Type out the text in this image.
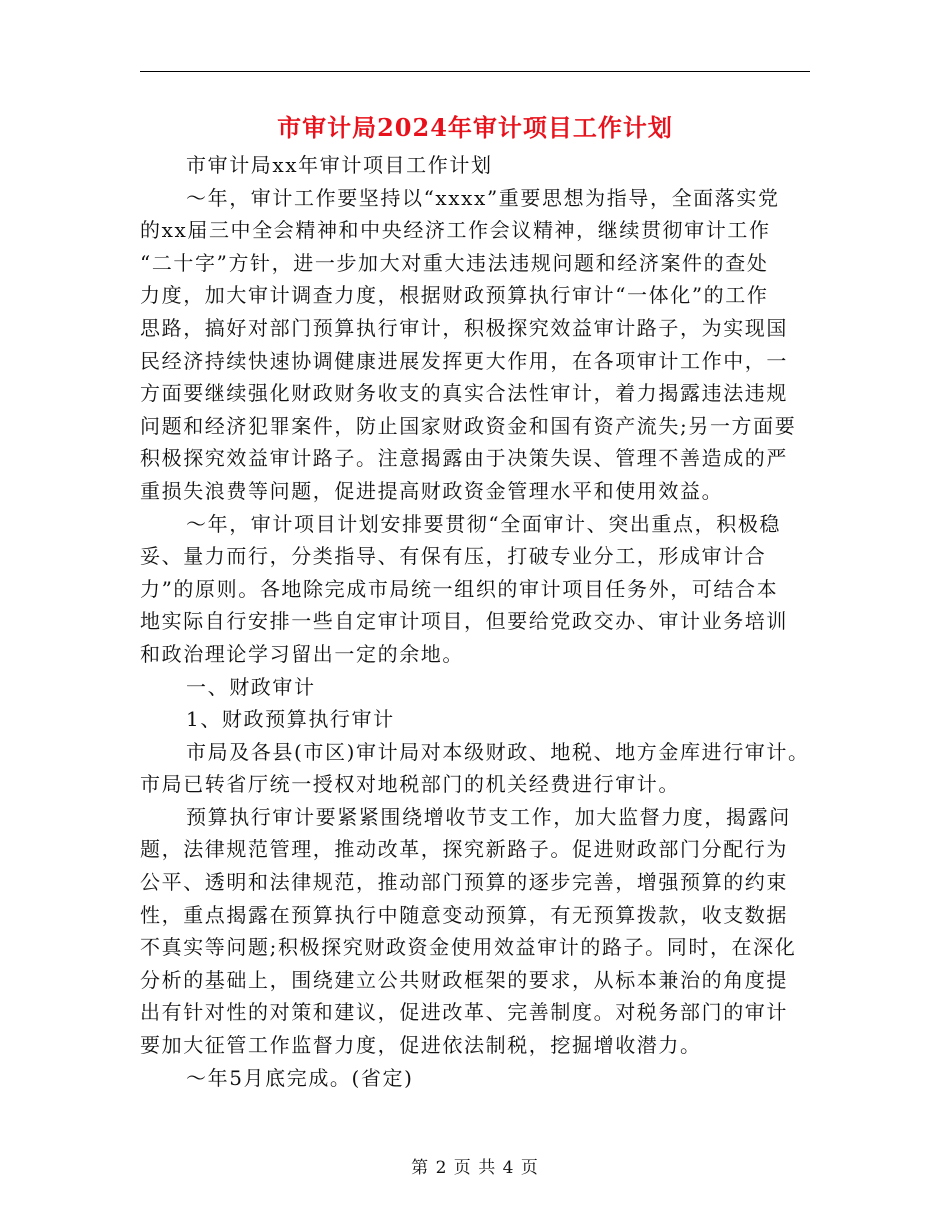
市审计局2024年审计项目工作计划
市审计局xx年审计项目工作计划
～年，审计工作要坚持以“xxxx”重要思想为指导，全面落实党
的xx届三中全会精神和中央经济工作会议精神，继续贯彻审计工作
“二十字”方针，进一步加大对重大违法违规问题和经济案件的查处
力度，加大审计调查力度，根据财政预算执行审计“一体化”的工作
思路，搞好对部门预算执行审计，积极探究效益审计路子，为实现国
民经济持续快速协调健康进展发挥更大作用，在各项审计工作中，一
方面要继续强化财政财务收支的真实合法性审计，着力揭露违法违规
问题和经济犯罪案件，防止国家财政资金和国有资产流失;另一方面要
积极探究效益审计路子。注意揭露由于决策失误、管理不善造成的严
重损失浪费等问题，促进提高财政资金管理水平和使用效益。
～年，审计项目计划安排要贯彻“全面审计、突出重点，积极稳
妥、量力而行，分类指导、有保有压，打破专业分工，形成审计合
力”的原则。各地除完成市局统一组织的审计项目任务外，可结合本
地实际自行安排一些自定审计项目，但要给党政交办、审计业务培训
和政治理论学习留出一定的余地。
一、财政审计
1、财政预算执行审计
市局及各县(市区)审计局对本级财政、地税、地方金库进行审计。
市局已转省厅统一授权对地税部门的机关经费进行审计。
预算执行审计要紧紧围绕增收节支工作，加大监督力度，揭露问
题，法律规范管理，推动改革，探究新路子。促进财政部门分配行为
公平、透明和法律规范，推动部门预算的逐步完善，增强预算的约束
性，重点揭露在预算执行中随意变动预算，有无预算拨款，收支数据
不真实等问题;积极探究财政资金使用效益审计的路子。同时，在深化
分析的基础上，围绕建立公共财政框架的要求，从标本兼治的角度提
出有针对性的对策和建议，促进改革、完善制度。对税务部门的审计
要加大征管工作监督力度，促进依法制税，挖掘增收潜力。
～年5月底完成。(省定)
第 2 页 共 4 页
